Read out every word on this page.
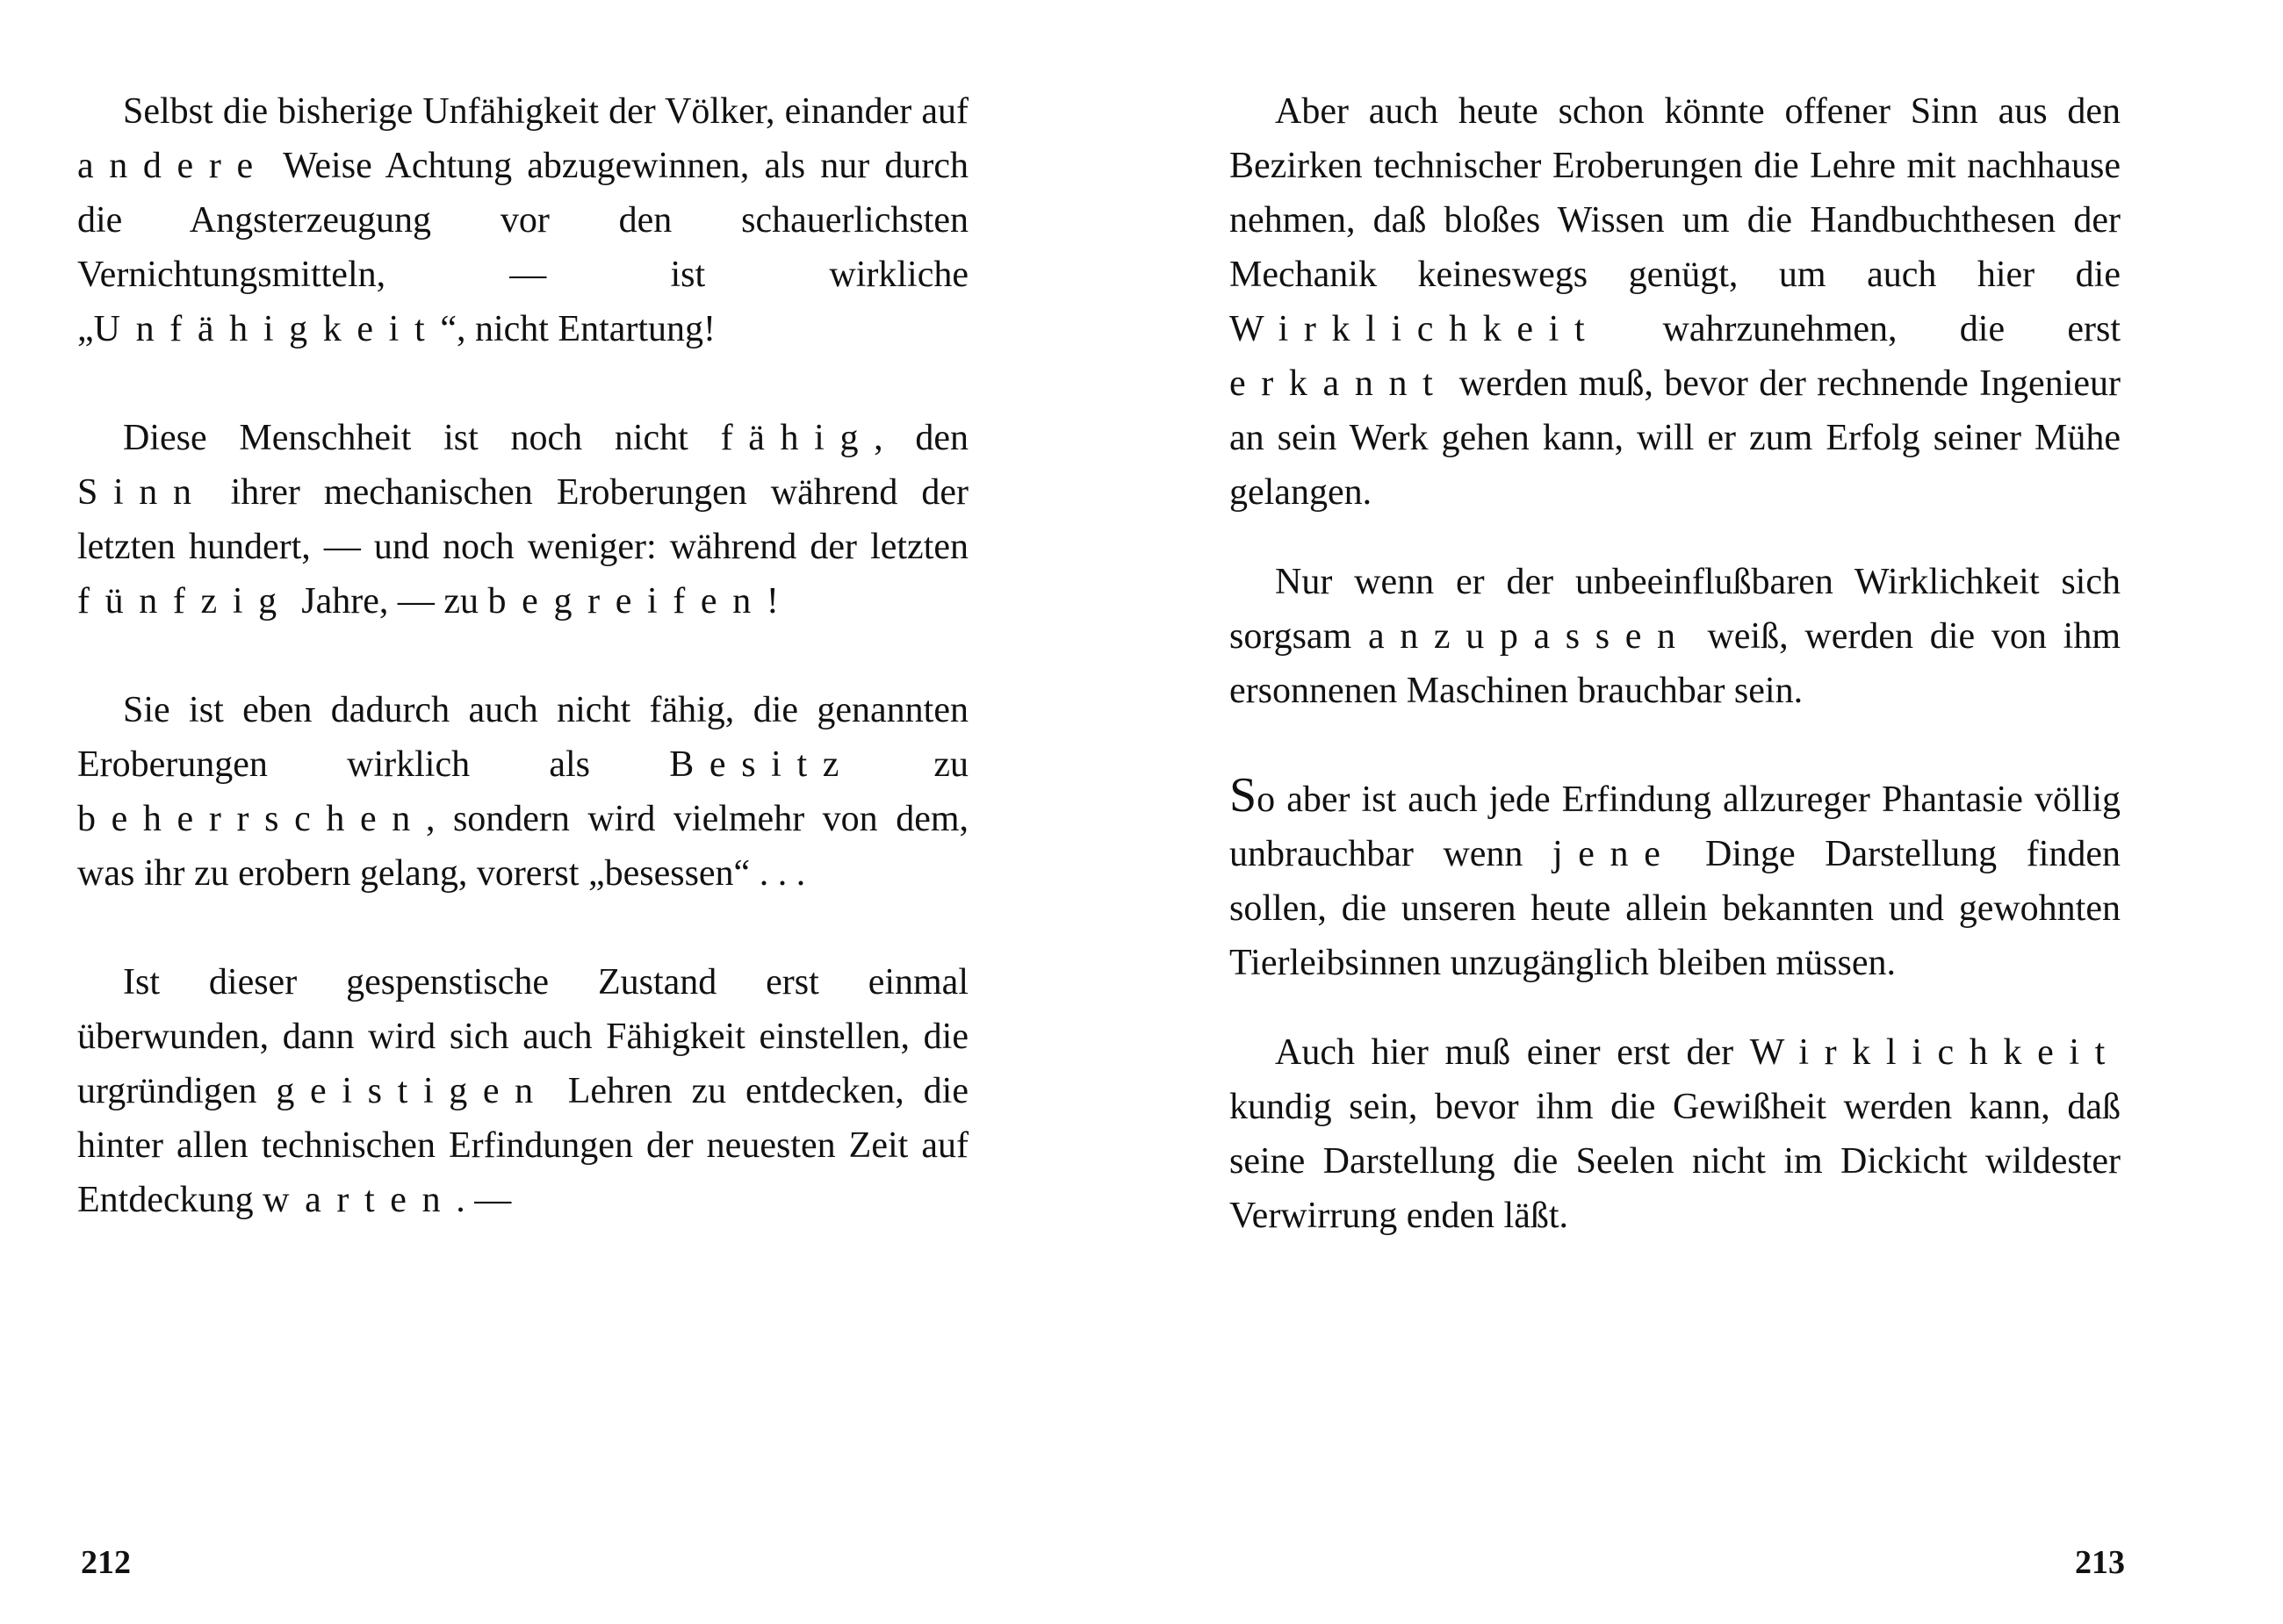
Selbst die bisherige Unfähigkeit der Völker, einander auf andere Weise Achtung abzugewinnen, als nur durch die Angsterzeugung vor den schauerlichsten Vernichtungsmitteln, — ist wirkliche „Unfähigkeit“, nicht Entartung!

Diese Menschheit ist noch nicht fähig, den Sinn ihrer mechanischen Eroberungen während der letzten hundert, — und noch weniger: während der letzten fünfzig Jahre, — zu begreifen!

Sie ist eben dadurch auch nicht fähig, die genannten Eroberungen wirklich als Besitz zu beherrschen, sondern wird vielmehr von dem, was ihr zu erobern gelang, vorerst „besessen“ . . .

Ist dieser gespenstische Zustand erst einmal überwunden, dann wird sich auch Fähigkeit einstellen, die urgründigen geistigen Lehren zu entdecken, die hinter allen technischen Erfindungen der neuesten Zeit auf Entdeckung warten. —

212

Aber auch heute schon könnte offener Sinn aus den Bezirken technischer Eroberungen die Lehre mit nachhause nehmen, daß bloßes Wissen um die Handbuchthesen der Mechanik keineswegs genügt, um auch hier die Wirklichkeit wahrzunehmen, die erst erkannt werden muß, bevor der rechnende Ingenieur an sein Werk gehen kann, will er zum Erfolg seiner Mühe gelangen.

Nur wenn er der unbeeinflußbaren Wirklichkeit sich sorgsam anzupassen weiß, werden die von ihm ersonnenen Maschinen brauchbar sein.

So aber ist auch jede Erfindung allzureger Phantasie völlig unbrauchbar wenn jene Dinge Darstellung finden sollen, die unseren heute allein bekannten und gewohnten Tierleibsinnen unzugänglich bleiben müssen.

Auch hier muß einer erst der Wirklichkeit kundig sein, bevor ihm die Gewißheit werden kann, daß seine Darstellung die Seelen nicht im Dickicht wildester Verwirrung enden läßt.

213
